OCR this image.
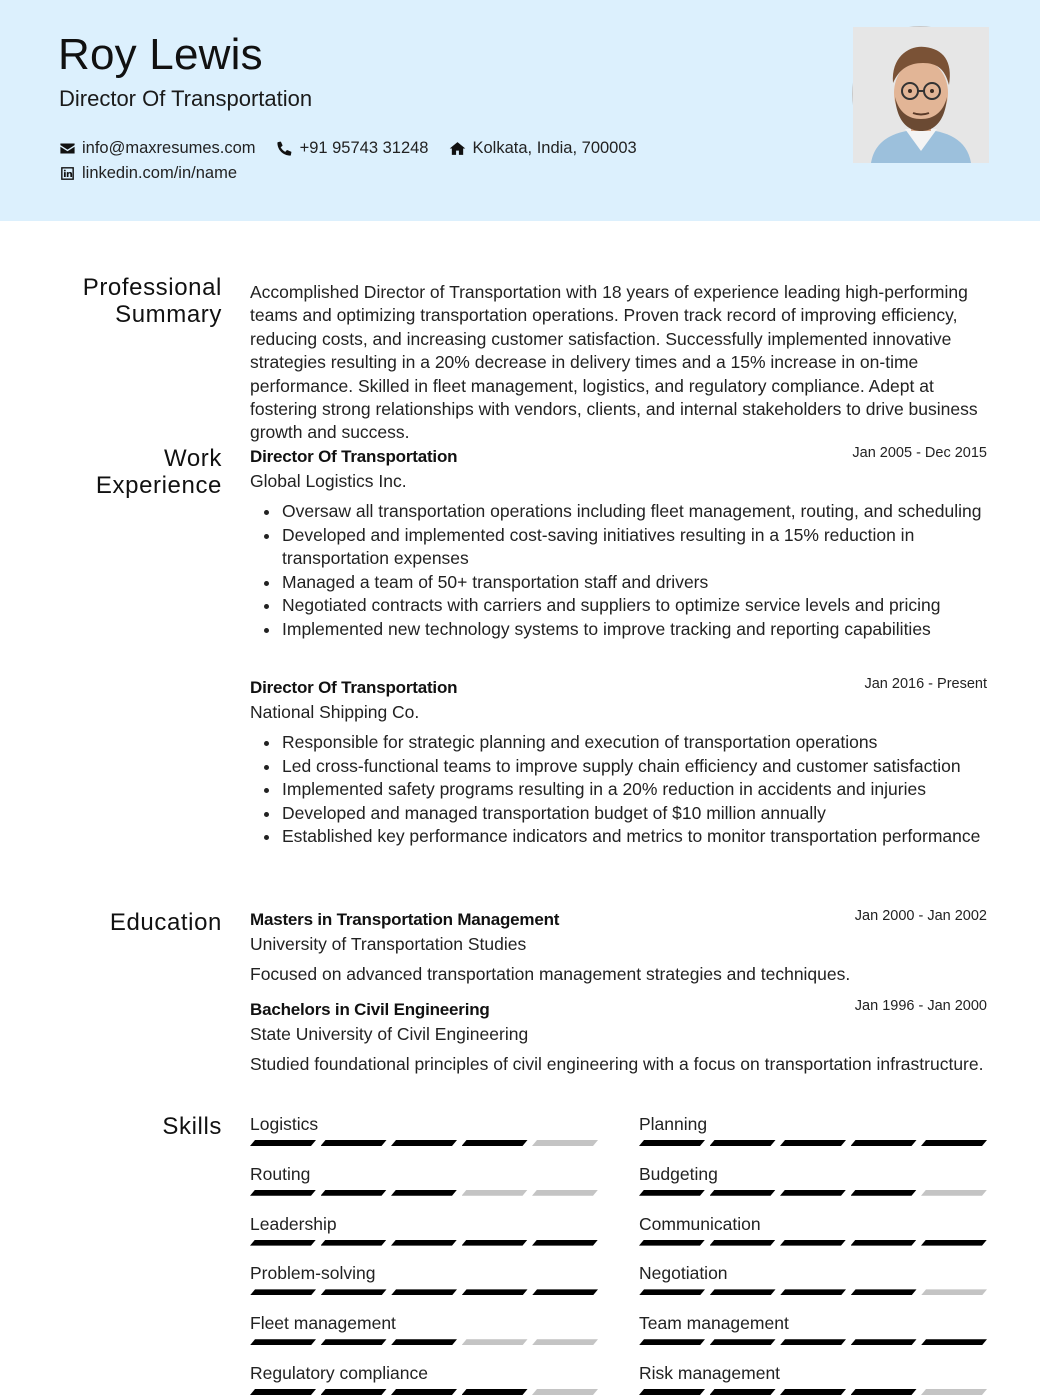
Roy Lewis
Director Of Transportation
info@maxresumes.com	+91 95743 31248	Kolkata, India, 700003
linkedin.com/in/name
Professional Summary

Accomplished Director of Transportation with 18 years of experience leading high-performing teams and optimizing transportation operations. Proven track record of improving efficiency, reducing costs, and increasing customer satisfaction. Successfully implemented innovative strategies resulting in a 20% decrease in delivery times and a 15% increase in on-time performance. Skilled in fleet management, logistics, and regulatory compliance. Adept at fostering strong relationships with vendors, clients, and internal stakeholders to drive business growth and success.

Work Experience
Director Of Transportation	Jan 2005 - Dec 2015
Global Logistics Inc.
Oversaw all transportation operations including fleet management, routing, and scheduling
Developed and implemented cost-saving initiatives resulting in a 15% reduction in transportation expenses
Managed a team of 50+ transportation staff and drivers
Negotiated contracts with carriers and suppliers to optimize service levels and pricing
Implemented new technology systems to improve tracking and reporting capabilities
Director Of Transportation	Jan 2016 - Present
National Shipping Co.
Responsible for strategic planning and execution of transportation operations
Led cross-functional teams to improve supply chain efficiency and customer satisfaction
Implemented safety programs resulting in a 20% reduction in accidents and injuries
Developed and managed transportation budget of $10 million annually
Established key performance indicators and metrics to monitor transportation performance
Education Masters in Transportation Management	Jan 2000 - Jan 2002
University of Transportation Studies

Focused on advanced transportation management strategies and techniques.

Bachelors in Civil Engineering	Jan 1996 - Jan 2000
State University of Civil Engineering

Studied foundational principles of civil engineering with a focus on transportation infrastructure.

Skills Logistics	Planning
Routing	Budgeting
Leadership	Communication
Problem-solving	Negotiation
Fleet management	Team management
Regulatory compliance	Risk management
